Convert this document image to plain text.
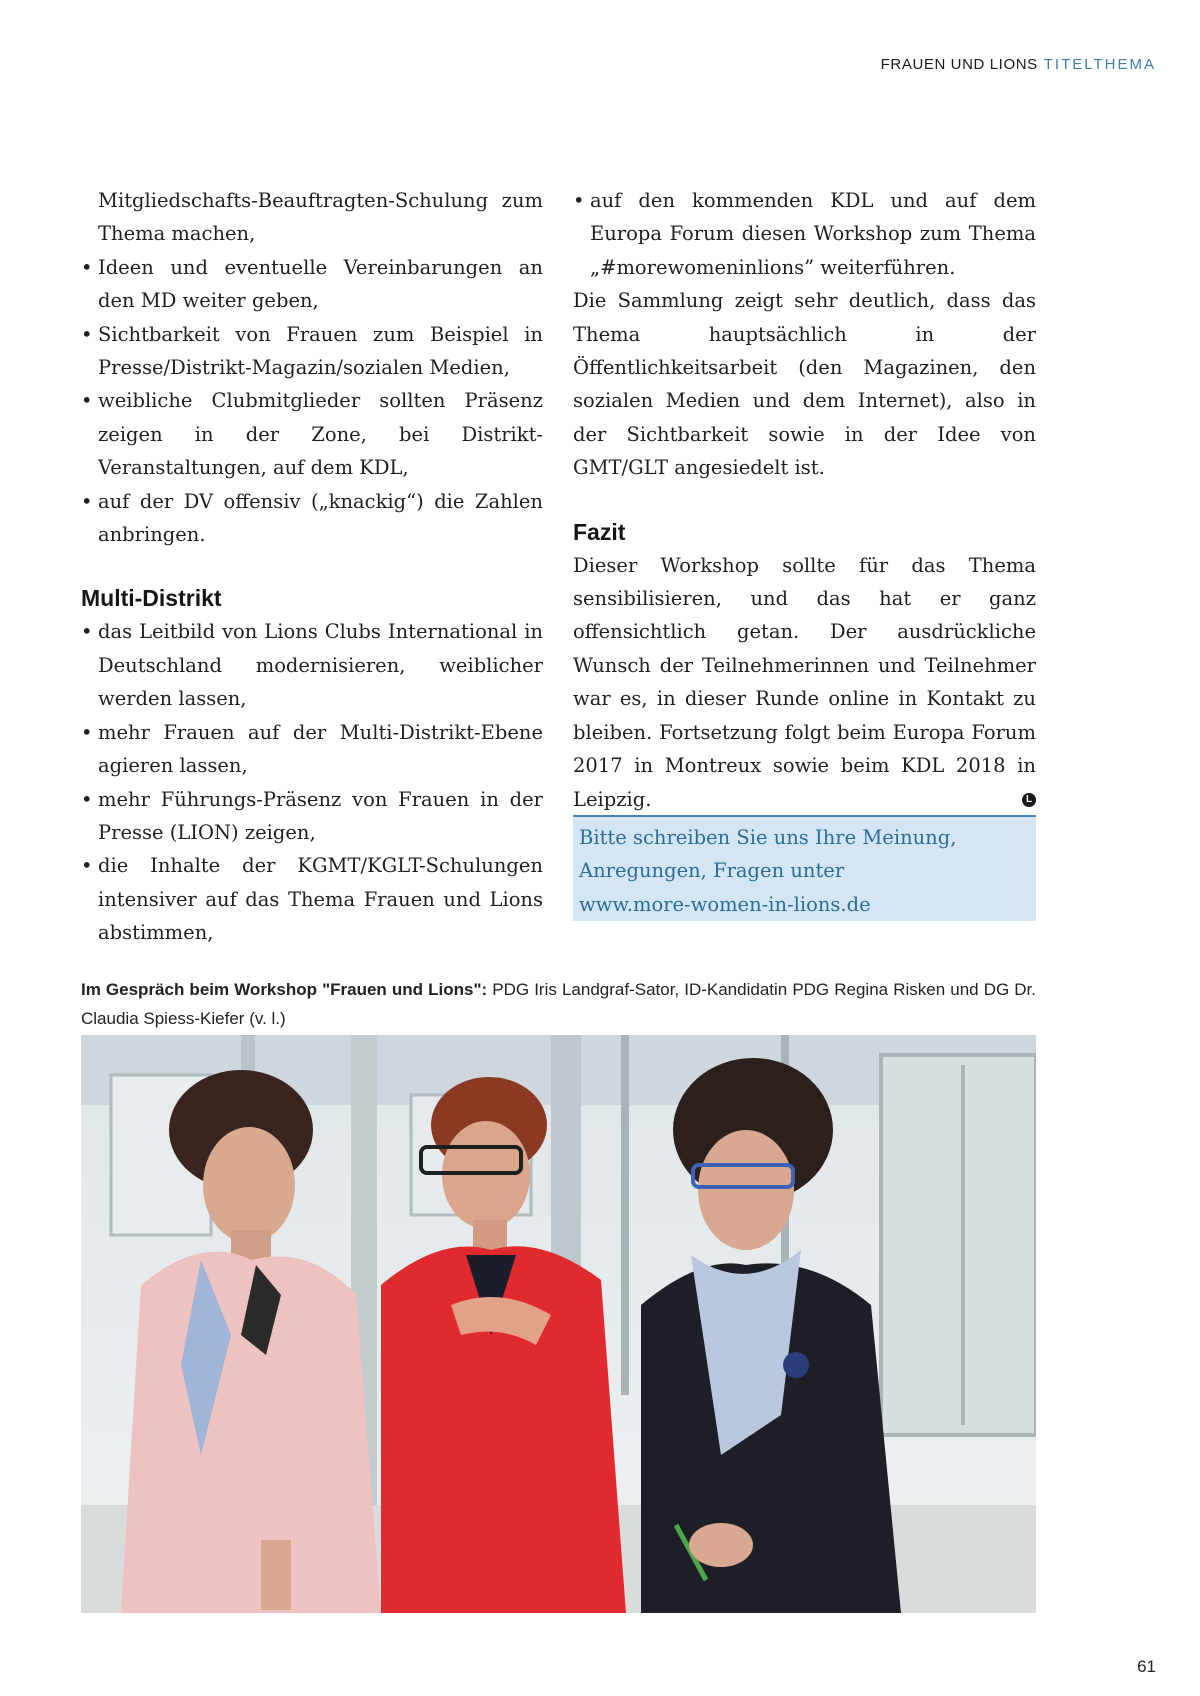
FRAUEN UND LIONS TITELTHEMA

Mitgliedschafts-Beauftragten-Schulung zum Thema machen,

• Ideen und eventuelle Vereinbarungen an den MD weiter geben,
• Sichtbarkeit von Frauen zum Beispiel in Presse/Distrikt-Magazin/sozialen Medien,
• weibliche Clubmitglieder sollten Präsenz zeigen in der Zone, bei Distrikt-Veranstaltungen, auf dem KDL,
• auf der DV offensiv („knackig“) die Zahlen anbringen.
Multi-Distrikt
• das Leitbild von Lions Clubs International in Deutschland modernisieren, weiblicher werden lassen,
• mehr Frauen auf der Multi-Distrikt-Ebene agieren lassen,
• mehr Führungs-Präsenz von Frauen in der Presse (LION) zeigen,
• die Inhalte der KGMT/KGLT-Schulungen intensiver auf das Thema Frauen und Lions abstimmen,
• auf den kommenden KDL und auf dem Europa Forum diesen Workshop zum Thema „#morewomeninlions” weiterführen.

Die Sammlung zeigt sehr deutlich, dass das Thema hauptsächlich in der Öffentlichkeitsarbeit (den Magazinen, den sozialen Medien und dem Internet), also in der Sichtbarkeit sowie in der Idee von GMT/GLT angesiedelt ist.

Fazit

Dieser Workshop sollte für das Thema sensibilisieren, und das hat er ganz offensichtlich getan. Der ausdrückliche Wunsch der Teilnehmerinnen und Teilnehmer war es, in dieser Runde online in Kontakt zu bleiben. Fortsetzung folgt beim Europa Forum 2017 in Montreux sowie beim KDL 2018 in Leipzig.	L

Bitte schreiben Sie uns Ihre Meinung,
Anregungen, Fragen unter
www.more-women-in-lions.de

Im Gespräch beim Workshop "Frauen und Lions": PDG Iris Landgraf-Sator, ID-Kandidatin PDG Regina Risken und DG Dr. Claudia Spiess-Kiefer (v. l.)
61
